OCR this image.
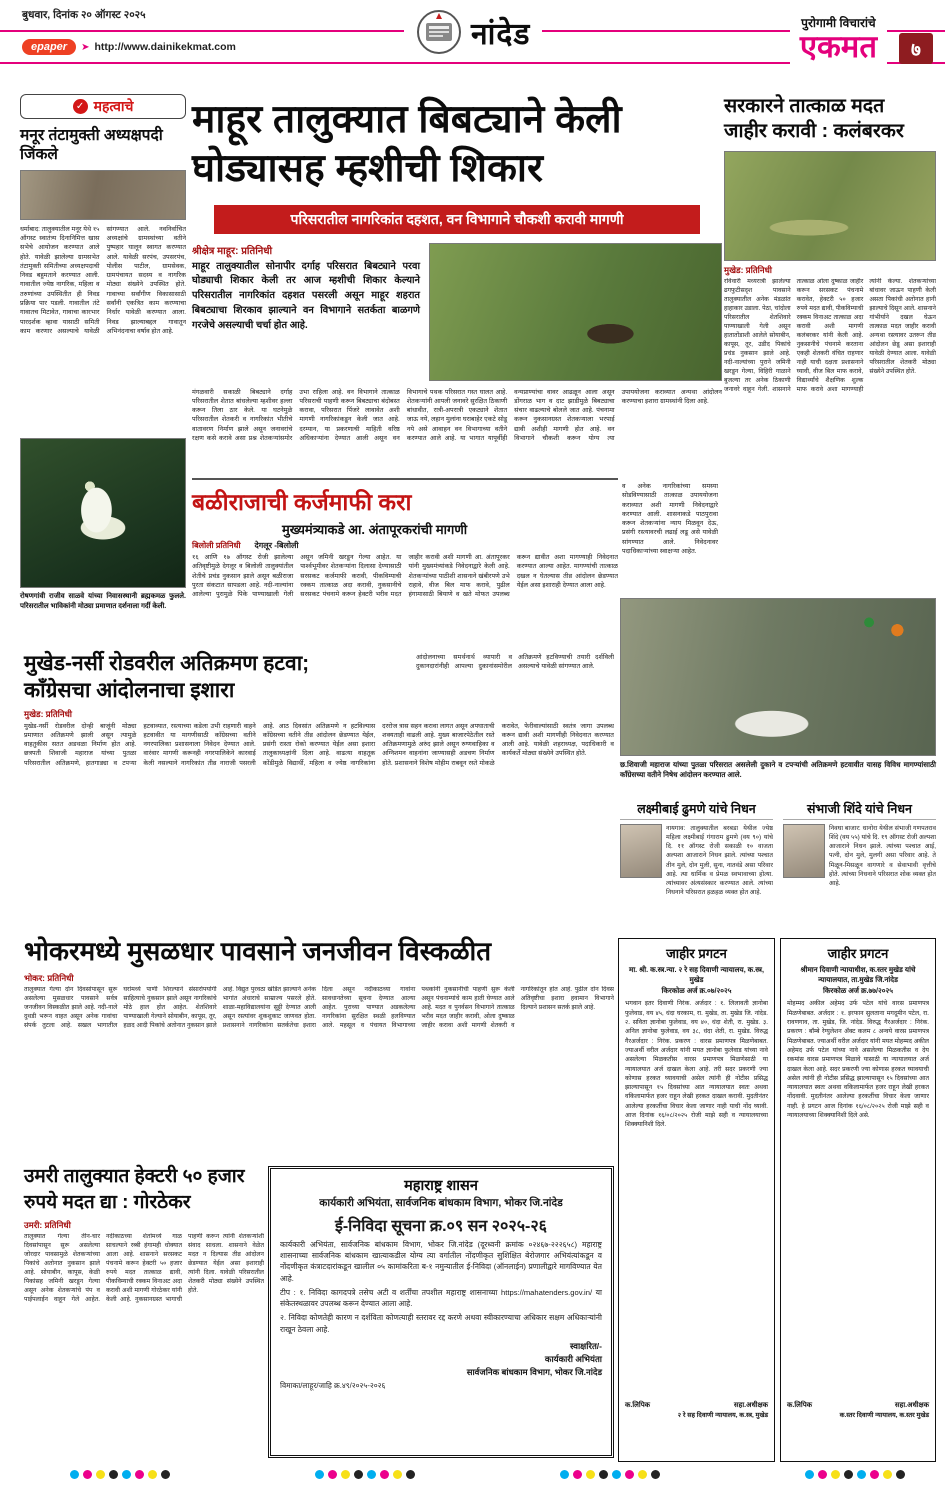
बुधवार, दिनांक २० ऑगस्ट २०२५
epaper	➤ http://www.dainikekmat.com	नांदेड	पुरोगामी विचारांचे
एकमत	७
✓ महत्वाचे
मनूर तंटामुक्ती अध्यक्षपदी जिंकले
धर्माबाद: तालुक्यातील मनूर येथे १५ ऑगस्ट स्वातंत्र्य दिनानिमित्त खास सभेचे आयोजन करण्यात आले होते. यावेळी झालेल्या ग्रामसभेत तंटामुक्ती समितीच्या अध्यक्षपदाची निवड बहुमताने करण्यात आली. गावातील ज्येष्ठ नागरिक, महिला व तरुणांच्या उपस्थितीत ही निवड प्रक्रिया पार पडली. गावातील तंटे गावातच मिटावेत, गावाचा कारभार पारदर्शक व्हावा यासाठी समिती काम करणार असल्याचे यावेळी सांगण्यात आले. नवनिर्वाचित अध्यक्षांचे ग्रामस्थांच्या वतीने पुष्पहार घालून स्वागत करण्यात आले. यावेळी सरपंच, उपसरपंच, पोलीस पाटील, ग्रामसेवक, ग्रामपंचायत सदस्य व नागरिक मोठ्या संख्येने उपस्थित होते. गावाच्या सर्वांगीण विकासासाठी सर्वांनी एकत्रित काम करण्याचा निर्धार यावेळी करण्यात आला. निवड झाल्याबद्दल गावातून अभिनंदनाचा वर्षाव होत आहे.
रोषणगांवी राजीव साळवे यांच्या निवासस्थानी ब्रह्मकमळ फुलले. परिसरातील भाविकांनी मोठ्या प्रमाणात दर्शनाला गर्दी केली.
माहूर तालुक्यात बिबट्याने केली
घोड्यासह म्हशीची शिकार
परिसरातील नागरिकांत दहशत, वन विभागाने चौकशी करावी मागणी
श्रीक्षेत्र माहूर: प्रतिनिधी
माहूर तालुक्यातील सोनापीर दर्गाह परिसरात बिबट्याने परवा घोड्याची शिकार केली तर आज म्हशीची शिकार केल्याने परिसरातील नागरिकांत दहशत पसरली असून माहूर शहरात बिबट्याचा शिरकाव झाल्याने वन विभागाने सतर्कता बाळगणे गरजेचे असल्याची चर्चा होत आहे.
मंगळवारी सकाळी बिबट्याने दर्गाह परिसरातील शेतात बांधलेल्या म्हशीवर हल्ला करून तिला ठार केले. या घटनेमुळे परिसरातील शेतकरी व नागरिकांत भीतीचे वातावरण निर्माण झाले असून जनावरांचे रक्षण कसे करावे असा प्रश्न शेतकऱ्यांसमोर उभा राहिला आहे. वन विभागाने तात्काळ परिसराची पाहणी करून बिबट्याचा बंदोबस्त करावा, परिसरात पिंजरे लावावेत अशी मागणी नागरिकांकडून केली जात आहे. दरम्यान, या प्रकरणाची माहिती वरिष्ठ अधिकाऱ्यांना देण्यात आली असून वन विभागाचे पथक परिसरात गस्त घालत आहे. शेतकऱ्यांनी आपली जनावरे सुरक्षित ठिकाणी बांधावीत, रात्री-अपरात्री एकट्याने शेतात जाऊ नये, लहान मुलांना घराबाहेर एकटे सोडू नये असे आवाहन वन विभागाच्या वतीने करण्यात आले आहे. या भागात यापूर्वीही वन्यप्राण्यांचा वावर आढळून आला असून डोंगराळ भाग व दाट झाडीमुळे बिबट्याचा संचार वाढल्याचे बोलले जात आहे. पंचनामा करून नुकसानग्रस्त शेतकऱ्याला भरपाई द्यावी अशीही मागणी होत आहे. वन विभागाने चौकशी करून योग्य त्या उपाययोजना कराव्यात अन्यथा आंदोलन करण्याचा इशारा ग्रामस्थांनी दिला आहे.
सरकारने तात्काळ मदत
जाहीर करावी : कलंबरकर
मुखेड: प्रतिनिधी
रविवारी मध्यरात्री झालेल्या ढगफुटीसदृश पावसाने तालुक्यातील अनेक मंडळांत हाहाकार उडाला. पेठा, चांदोला परिसरातील शेतशिवारे पाण्याखाली गेली असून हातातोंडाशी आलेले सोयाबीन, कापूस, तूर, उडीद पिकांचे प्रचंड नुकसान झाले आहे. नदी-नाल्यांच्या पुराने जमिनी खरडून गेल्या, विहिरी गाळाने बुजल्या तर अनेक ठिकाणी जनावरे वाहून गेली. शासनाने तात्काळ ओला दुष्काळ जाहीर करून सरसकट पंचनामे करावेत, हेक्टरी ५० हजार रुपये मदत द्यावी, पीकविम्याची रक्कम विनाअट तात्काळ अदा करावी अशी मागणी कलंबरकर यांनी केली आहे. नुकसानीचे पंचनामे करताना एकही शेतकरी वंचित राहणार नाही याची दक्षता प्रशासनाने घ्यावी, वीज बिल माफ करावे, विद्यार्थ्यांचे शैक्षणिक शुल्क माफ करावे अशा मागण्याही त्यांनी केल्या. शेतकऱ्यांच्या बांधावर जाऊन पाहणी केली असता पिकांची अतोनात हानी झाल्याचे दिसून आले. शासनाने गांभीर्याने दखल घेऊन तात्काळ मदत जाहीर करावी अन्यथा रस्त्यावर उतरून तीव्र आंदोलन छेडू असा इशाराही यावेळी देण्यात आला. यावेळी परिसरातील शेतकरी मोठ्या संख्येने उपस्थित होते.
व अनेक नागरिकांच्या समस्या सोडविण्यासाठी तात्काळ उपाययोजना कराव्यात अशी मागणी निवेदनाद्वारे करण्यात आली. शासनाकडे पाठपुरावा करून शेतकऱ्यांना न्याय मिळवून देऊ, प्रसंगी रस्त्यावरची लढाई लढू असे यावेळी सांगण्यात आले. निवेदनावर पदाधिकाऱ्यांच्या स्वाक्षऱ्या आहेत.
बळीराजाची कर्जमाफी करा
मुख्यमंत्र्याकडे आ. अंतापूरकरांची मागणी
बिलोली प्रतिनिधी देगलूर -बिलोली
१६ आणि १७ ऑगस्ट रोजी झालेल्या अतिवृष्टीमुळे देगलूर व बिलोली तालुक्यांतील शेतीचे प्रचंड नुकसान झाले असून बळीराजा पुरता संकटात सापडला आहे. नदी-नाल्यांना आलेल्या पुरामुळे पिके पाण्याखाली गेली असून जमिनी खरडून गेल्या आहेत. या पार्श्वभूमीवर शेतकऱ्यांना दिलासा देण्यासाठी सरसकट कर्जमाफी करावी, पीकविम्याची रक्कम तात्काळ अदा करावी, नुकसानीचे सरसकट पंचनामे करून हेक्टरी भरीव मदत जाहीर करावी अशी मागणी आ. अंतापूरकर यांनी मुख्यमंत्र्यांकडे निवेदनाद्वारे केली आहे. शेतकऱ्यांच्या पाठीशी शासनाने खंबीरपणे उभे राहावे, वीज बिल माफ करावे, पुढील हंगामासाठी बियाणे व खते मोफत उपलब्ध करून द्यावीत अशा मागण्याही निवेदनात करण्यात आल्या आहेत. मागण्यांची तात्काळ दखल न घेतल्यास तीव्र आंदोलन छेडण्यात येईल असा इशाराही देण्यात आला आहे.
मुखेड-नर्सी रोडवरील अतिक्रमण हटवा;
काँग्रेसचा आंदोलनाचा इशारा
आंदोलनाच्या समर्थनार्थ व्यापारी व दुकानदारांनीही आपल्या दुकानांसमोरील अतिक्रमणे हटविण्याची तयारी दर्शविली असल्याचे यावेळी सांगण्यात आले.
मुखेड: प्रतिनिधी
मुखेड-नर्सी रोडवरील दोन्ही बाजूंनी मोठ्या प्रमाणात अतिक्रमणे झाली असून त्यामुळे वाहतुकीस सतत अडथळा निर्माण होत आहे. छत्रपती शिवाजी महाराज यांच्या पुतळा परिसरातील अतिक्रमणे, हातगाड्या व टपऱ्या हटवाव्यात, रस्त्याच्या कडेला उभी राहणारी वाहने हटवावीत या मागणीसाठी काँग्रेसच्या वतीने नगरपालिका प्रशासनाला निवेदन देण्यात आले. वारंवार मागणी करूनही नगरपालिकेने कारवाई केली नसल्याने नागरिकांत तीव्र नाराजी पसरली आहे. आठ दिवसांत अतिक्रमणे न हटविल्यास काँग्रेसच्या वतीने तीव्र आंदोलन छेडण्यात येईल, प्रसंगी रास्ता रोको करण्यात येईल असा इशारा तालुकाध्यक्षांनी दिला आहे. वाढत्या वाहतूक कोंडीमुळे विद्यार्थी, महिला व ज्येष्ठ नागरिकांना दररोज त्रास सहन करावा लागत असून अपघाताची शक्यताही वाढली आहे. मुख्य बाजारपेठेतील रस्ते अतिक्रमणामुळे अरुंद झाले असून रुग्णवाहिका व अग्निशमन वाहनांना जाण्यासही अडचण निर्माण होते. प्रशासनाने विशेष मोहीम राबवून रस्ते मोकळे करावेत, फेरीवाल्यांसाठी स्वतंत्र जागा उपलब्ध करून द्यावी अशी मागणीही निवेदनात करण्यात आली आहे. यावेळी शहराध्यक्ष, पदाधिकारी व कार्यकर्ते मोठ्या संख्येने उपस्थित होते.
छ.शिवाजी महाराज यांच्या पुतळा परिसरात असलेली दुकाने व टपऱ्यांची अतिक्रमणे हटवावीत यासह विविध मागण्यांसाठी काँग्रेसच्या वतीने निषेध आंदोलन करण्यात आले.
लक्ष्मीबाई ढुमणे यांचे निधन
नायगाव: तालुक्यातील बरबडा येथील ज्येष्ठ महिला लक्ष्मीबाई गंगाराम ढुमणे (वय ९०) यांचे दि. ११ ऑगस्ट रोजी सकाळी १० वाजता अल्पशा आजाराने निधन झाले. त्यांच्या पश्चात तीन मुले, दोन मुली, सुना, नातवंडे असा परिवार आहे. त्या धार्मिक व प्रेमळ स्वभावाच्या होत्या. त्यांच्यावर अंत्यसंस्कार करण्यात आले. त्यांच्या निधनाने परिसरात हळहळ व्यक्त होत आहे.
संभाजी शिंदे यांचे निधन
निवघा बाजार: धानोरा येथील संभाजी गणपतराव शिंदे (वय ५५) यांचे दि. १९ ऑगस्ट रोजी अल्पशा आजाराने निधन झाले. त्यांच्या पश्चात आई, पत्नी, दोन मुले, मुलगी असा परिवार आहे. ते मिळून-मिसळून वागणारे व सेवाभावी वृत्तीचे होते. त्यांच्या निधनाने परिसरात शोक व्यक्त होत आहे.
भोकरमध्ये मुसळधार पावसाने जनजीवन विस्कळीत
भोकर: प्रतिनिधी
तालुक्यात गेल्या दोन दिवसांपासून सुरू असलेल्या मुसळधार पावसाने सर्वत्र जनजीवन विस्कळीत झाले आहे. नदी-नाले दुथडी भरून वाहत असून अनेक गावांचा संपर्क तुटला आहे. सखल भागातील घरांमध्ये पाणी शिरल्याने संसारोपयोगी साहित्याचे नुकसान झाले असून नागरिकांचे मोठे हाल होत आहेत. शेतशिवारे पाण्याखाली गेल्याने सोयाबीन, कापूस, तूर, हळद आदी पिकांचे अतोनात नुकसान झाले आहे. विद्युत पुरवठा खंडित झाल्याने अनेक भागांत अंधाराचे साम्राज्य पसरले होते. शाळा-महाविद्यालयांना सुट्टी देण्यात आली असून रस्त्यांवर शुकशुकाट जाणवत होता. प्रशासनाने नागरिकांना सतर्कतेचा इशारा दिला असून नदीकाठच्या गावांना सावधानतेच्या सूचना देण्यात आल्या आहेत. पुराच्या पाण्यात अडकलेल्या नागरिकांना सुरक्षित स्थळी हलविण्यात आले. महसूल व पंचायत विभागाच्या पथकांनी नुकसानीची पाहणी सुरू केली असून पंचनाम्यांचे काम हाती घेण्यात आले आहे. मदत व पुनर्वसन विभागाने तात्काळ भरीव मदत जाहीर करावी, ओला दुष्काळ जाहीर करावा अशी मागणी शेतकरी व नागरिकांतून होत आहे. पुढील दोन दिवस अतिवृष्टीचा इशारा हवामान विभागाने दिल्याने प्रशासन सतर्क झाले आहे.
उमरी तालुक्यात हेक्टरी ५० हजार
रुपये मदत द्या : गोरठेकर
उमरी: प्रतिनिधी
तालुक्यात गेल्या तीन-चार दिवसांपासून सुरू असलेल्या जोरदार पावसामुळे शेतकऱ्यांच्या पिकांचे अतोनात नुकसान झाले आहे. सोयाबीन, कापूस, केळी पिकांसह जमिनी खरडून गेल्या असून अनेक शेतकऱ्यांचे पंप व पाईपलाईन वाहून गेले आहेत. नदीकाठच्या शेतांमध्ये गाळ साचल्याने रब्बी हंगामही धोक्यात आला आहे. शासनाने सरसकट पंचनामे करून हेक्टरी ५० हजार रुपये मदत तात्काळ द्यावी, पीकविम्याची रक्कम विनाअट अदा करावी अशी मागणी गोरठेकर यांनी केली आहे. नुकसानग्रस्त भागाची पाहणी करून त्यांनी शेतकऱ्यांशी संवाद साधला. शासनाने वेळेत मदत न दिल्यास तीव्र आंदोलन छेडण्यात येईल असा इशाराही त्यांनी दिला. यावेळी परिसरातील शेतकरी मोठ्या संख्येने उपस्थित होते.
महाराष्ट्र शासन
कार्यकारी अभियंता, सार्वजनिक बांधकाम विभाग, भोकर जि.नांदेड
ई-निविदा सूचना क्र.०९ सन २०२५-२६
कार्यकारी अभियंता, सार्वजनिक बांधकाम विभाग, भोकर जि.नांदेड (दूरध्वनी क्रमांक ०२४६७-२२२६५८) महाराष्ट्र शासनाच्या सार्वजनिक बांधकाम खात्याकडील योग्य त्या वर्गातील नोंदणीकृत सुशिक्षित बेरोजगार अभियंत्यांकडून व नोंदणीकृत कंत्राटदारांकडून खालील ०५ कामांकरिता ब-१ नमुन्यातील ई-निविदा (ऑनलाईन) प्रणालीद्वारे मागविण्यात येत आहे.
टीप : १. निविदा कागदपत्रे तसेच अटी व शर्तींचा तपशील महाराष्ट्र शासनाच्या https://mahatenders.gov.in/ या संकेतस्थळावर उपलब्ध करून देण्यात आला आहे.
२. निविदा कोणतेही कारण न दर्शविता कोणत्याही स्तरावर रद्द करणे अथवा स्वीकारण्याचा अधिकार सक्षम अधिकाऱ्यांनी राखून ठेवला आहे.
स्वाक्षरित/-
कार्यकारी अभियंता
सार्वजनिक बांधकाम विभाग, भोकर जि.नांदेड
विमाका/लाहूर/जाहि क्र.४९/२०२५-२०२६
जाहीर प्रगटन
मा. श्री. क.स्त्र.न्या. २ रे सह दिवाणी न्यायालय, क.स्त्र, मुखेड
किरकोळ अर्ज क्र.०७/२०२५
भगवान इतर दिवाणी निरंक. अर्जदार : १. लिलावती ज्ञानोबा फुलेवाड, वय ४५, धंदा घरकाम, रा. मुखेड, ता. मुखेड जि. नांदेड. २. सविता ज्ञानोबा फुलेवाड, वय ४०, धंदा शेती, रा. मुखेड. ३. अनिल ज्ञानोबा फुलेवाड, वय ३८, धंदा शेती, रा. मुखेड. विरुद्ध गैरअर्जदार : निरंक. प्रकरण : वारस प्रमाणपत्र मिळणेबाबत. ज्याअर्थी वरील अर्जदार यांनी मयत ज्ञानोबा फुलेवाड यांच्या नावे असलेल्या मिळकतीस वारस प्रमाणपत्र मिळणेसाठी या न्यायालयात अर्ज दाखल केला आहे. तरी सदर प्रकरणी ज्या कोणास हरकत घ्यावयाची असेल त्यांनी ही नोटीस प्रसिद्ध झाल्यापासून १५ दिवसांच्या आत न्यायालयात स्वतः अथवा वकिलामार्फत हजर राहून लेखी हरकत दाखल करावी. मुदतीनंतर आलेल्या हरकतींचा विचार केला जाणार नाही याची नोंद घ्यावी. आज दिनांक १६/०८/२०२५ रोजी माझे सही व न्यायालयाच्या शिक्क्यानिशी दिले.
क.लिपिक	सहा.अधीक्षक
२ रे सह दिवाणी न्यायालय, क.स्त्र, मुखेड
जाहीर प्रगटन
श्रीमान दिवाणी न्यायाधीश, क.स्तर मुखेड यांचे न्यायालयात, ता.मुखेड जि.नांदेड
किरकोळ अर्ज क्र.७७/२०२५
मोहम्मद अकील अहेमद उर्फ पटेल यांचे वारस प्रमाणपत्र मिळणेबाबत. अर्जदार : १. इरफान सुलताना मगदूमीन पटेल, रा. रावणगाव, ता. मुखेड, जि. नांदेड. विरुद्ध गैरअर्जदार : निरंक. प्रकरण : बॉम्बे रेग्युलेशन ॲक्ट कलम ८ अन्वये वारस प्रमाणपत्र मिळणेबाबत. ज्याअर्थी वरील अर्जदार यांनी मयत मोहम्मद अकील अहेमद उर्फ पटेल यांच्या नावे असलेल्या मिळकतीस व देय रकमांस वारस प्रमाणपत्र मिळावे यासाठी या न्यायालयात अर्ज दाखल केला आहे. सदर प्रकरणी ज्या कोणास हरकत घ्यावयाची असेल त्यांनी ही नोटीस प्रसिद्ध झाल्यापासून १५ दिवसांच्या आत न्यायालयात स्वतः अथवा वकिलामार्फत हजर राहून लेखी हरकत नोंदवावी. मुदतीनंतर आलेल्या हरकतींचा विचार केला जाणार नाही. हे प्रगटन आज दिनांक १६/०८/२०२५ रोजी माझे सही व न्यायालयाच्या शिक्क्यानिशी दिले असे.
क.लिपिक	सहा.अधीक्षक
क.स्तर दिवाणी न्यायालय, क.स्तर मुखेड
